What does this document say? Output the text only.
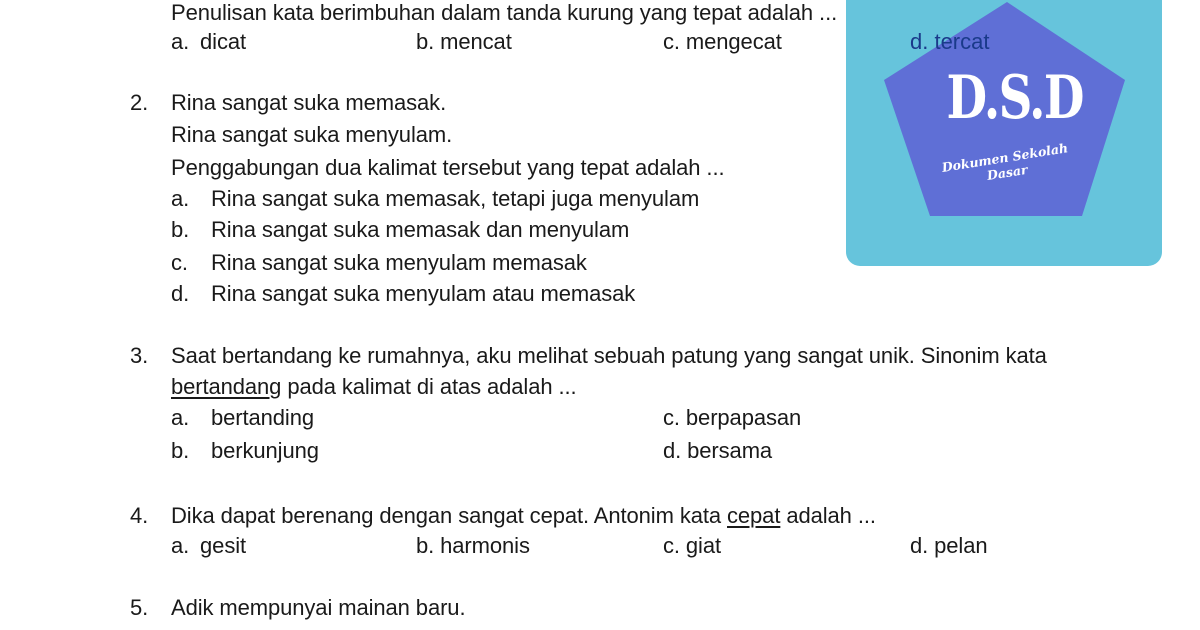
Penulisan kata berimbuhan dalam tanda kurung yang tepat adalah ...
a. dicat	b. mencat	c. mengecat
2. Rina sangat suka memasak.
Rina sangat suka menyulam.
Penggabungan dua kalimat tersebut yang tepat adalah ...
a. Rina sangat suka memasak, tetapi juga menyulam
b. Rina sangat suka memasak dan menyulam
c. Rina sangat suka menyulam memasak
d. Rina sangat suka menyulam atau memasak
3. Saat bertandang ke rumahnya, aku melihat sebuah patung yang sangat unik. Sinonim kata
bertandang pada kalimat di atas adalah ...
a. bertanding
b. berkunjung
c. berpapasan
d. bersama
4. Dika dapat berenang dengan sangat cepat. Antonim kata cepat adalah ...
a. gesit	b. harmonis	c. giat	d. pelan
5. Adik mempunyai mainan baru.
d. tercat
D.S.D
Dokumen Sekolah Dasar
